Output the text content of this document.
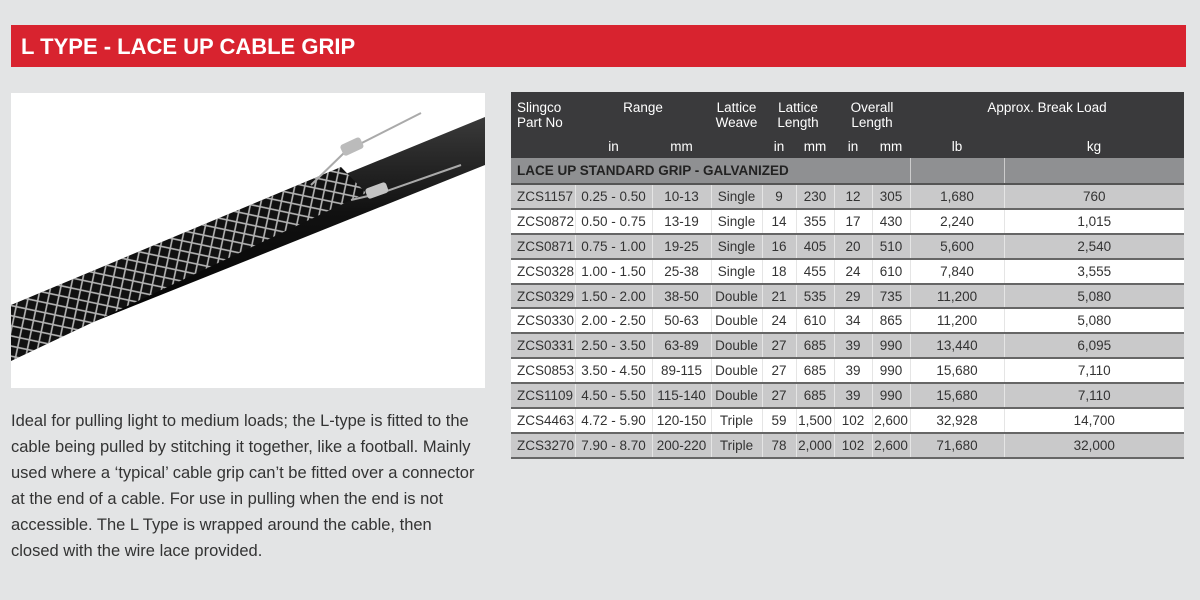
L TYPE - LACE UP CABLE GRIP

Ideal for pulling light to medium loads; the L-type is fitted to the cable being pulled by stitching it together, like a football. Mainly used where a ‘typical’ cable grip can’t be fitted over a connector at the end of a cable. For use in pulling when the end is not accessible. The L Type is wrapped around the cable, then closed with the wire lace provided.

Slingco Part No	Range		Lattice Weave	Lattice Length		Overall Length		Approx. Break Load	
	in	mm		in	mm	in	mm	lb	kg
LACE UP STANDARD GRIP - GALVANIZED									
ZCS1157	0.25 - 0.50	10-13	Single	9	230	12	305	1,680	760
ZCS0872	0.50 - 0.75	13-19	Single	14	355	17	430	2,240	1,015
ZCS0871	0.75 - 1.00	19-25	Single	16	405	20	510	5,600	2,540
ZCS0328	1.00 - 1.50	25-38	Single	18	455	24	610	7,840	3,555
ZCS0329	1.50 - 2.00	38-50	Double	21	535	29	735	11,200	5,080
ZCS0330	2.00 - 2.50	50-63	Double	24	610	34	865	11,200	5,080
ZCS0331	2.50 - 3.50	63-89	Double	27	685	39	990	13,440	6,095
ZCS0853	3.50 - 4.50	89-115	Double	27	685	39	990	15,680	7,110
ZCS1109	4.50 - 5.50	115-140	Double	27	685	39	990	15,680	7,110
ZCS4463	4.72 - 5.90	120-150	Triple	59	1,500	102	2,600	32,928	14,700
ZCS3270	7.90 - 8.70	200-220	Triple	78	2,000	102	2,600	71,680	32,000
